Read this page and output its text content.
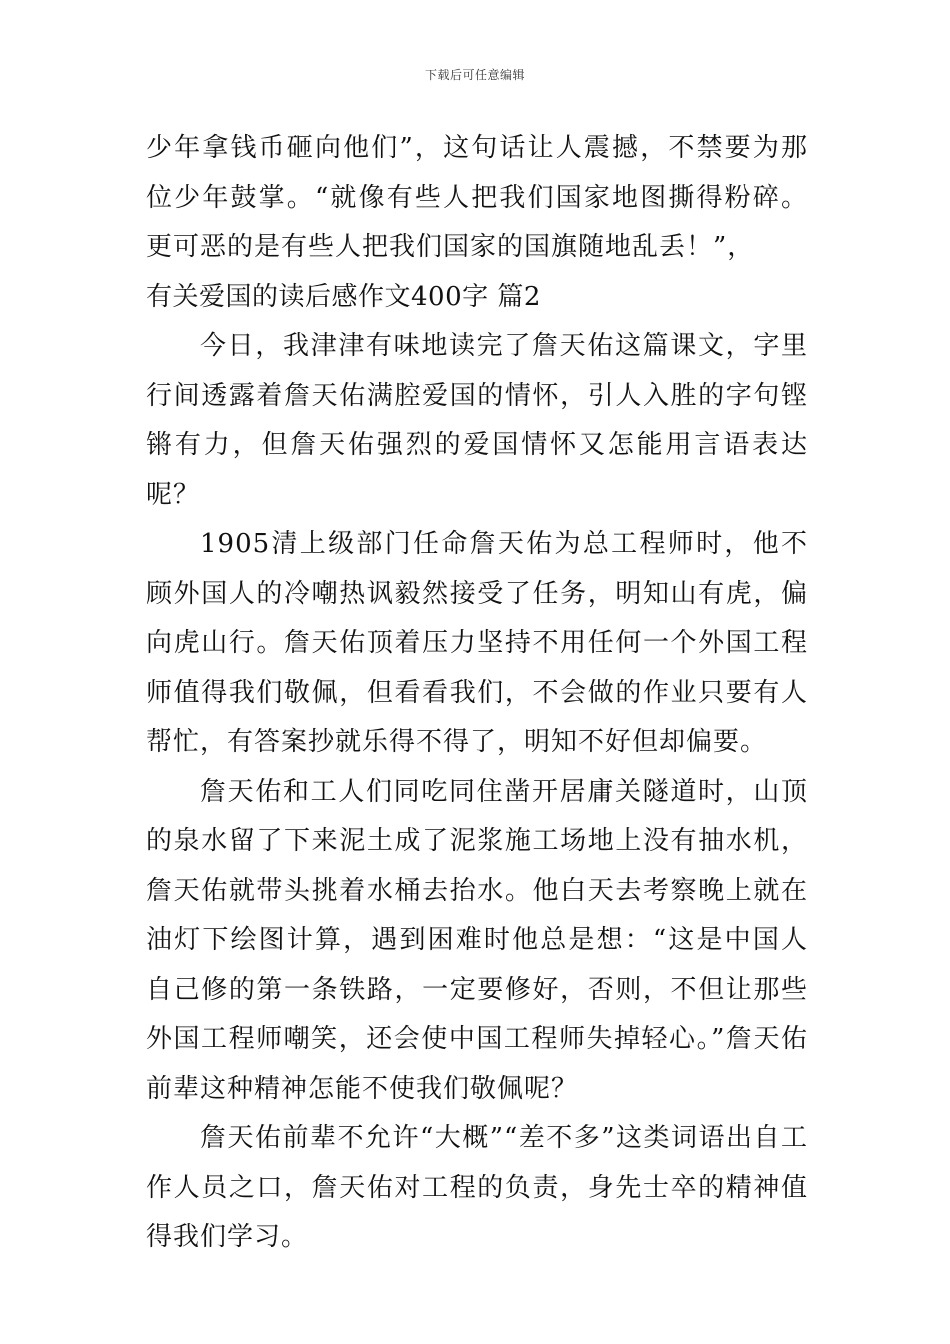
下载后可任意编辑

少年拿钱币砸向他们”，这句话让人震撼，不禁要为那位少年鼓掌。“就像有些人把我们国家地图撕得粉碎。更可恶的是有些人把我们国家的国旗随地乱丢！”，

有关爱国的读后感作文400字 篇2

今日，我津津有味地读完了詹天佑这篇课文，字里行间透露着詹天佑满腔爱国的情怀，引人入胜的字句铿锵有力，但詹天佑强烈的爱国情怀又怎能用言语表达呢？

1905清上级部门任命詹天佑为总工程师时，他不顾外国人的冷嘲热讽毅然接受了任务，明知山有虎，偏向虎山行。詹天佑顶着压力坚持不用任何一个外国工程师值得我们敬佩，但看看我们，不会做的作业只要有人帮忙，有答案抄就乐得不得了，明知不好但却偏要。

詹天佑和工人们同吃同住凿开居庸关隧道时，山顶的泉水留了下来泥土成了泥浆施工场地上没有抽水机，詹天佑就带头挑着水桶去抬水。他白天去考察晚上就在油灯下绘图计算，遇到困难时他总是想：“这是中国人自己修的第一条铁路，一定要修好，否则，不但让那些外国工程师嘲笑，还会使中国工程师失掉轻心。”詹天佑前辈这种精神怎能不使我们敬佩呢？

詹天佑前辈不允许“大概”“差不多”这类词语出自工作人员之口，詹天佑对工程的负责，身先士卒的精神值得我们学习。
